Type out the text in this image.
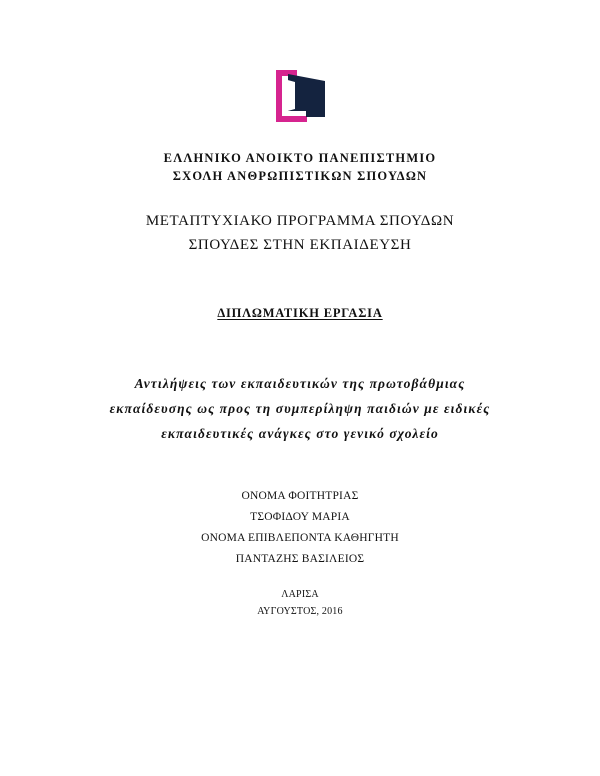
ΕΛΛΗΝΙΚΟ ΑΝΟΙΚΤΟ ΠΑΝΕΠΙΣΤΗΜΙΟ
ΣΧΟΛΗ ΑΝΘΡΩΠΙΣΤΙΚΩΝ ΣΠΟΥΔΩΝ
ΜΕΤΑΠΤΥΧΙΑΚΟ ΠΡΟΓΡΑΜΜΑ ΣΠΟΥΔΩΝ
ΣΠΟΥΔΕΣ ΣΤΗΝ ΕΚΠΑΙΔΕΥΣΗ
ΔΙΠΛΩΜΑΤΙΚΗ ΕΡΓΑΣΙΑ
Αντιλήψεις των εκπαιδευτικών της πρωτοβάθμιας
εκπαίδευσης ως προς τη συμπερίληψη παιδιών με ειδικές
εκπαιδευτικές ανάγκες στο γενικό σχολείο
ΟΝΟΜΑ ΦΟΙΤΗΤΡΙΑΣ
ΤΣΟΦΙΔΟΥ ΜΑΡΙΑ
ΟΝΟΜΑ ΕΠΙΒΛΕΠΟΝΤΑ ΚΑΘΗΓΗΤΗ
ΠΑΝΤΑΖΗΣ ΒΑΣΙΛΕΙΟΣ
ΛΑΡΙΣΑ
ΑΥΓΟΥΣΤΟΣ, 2016
